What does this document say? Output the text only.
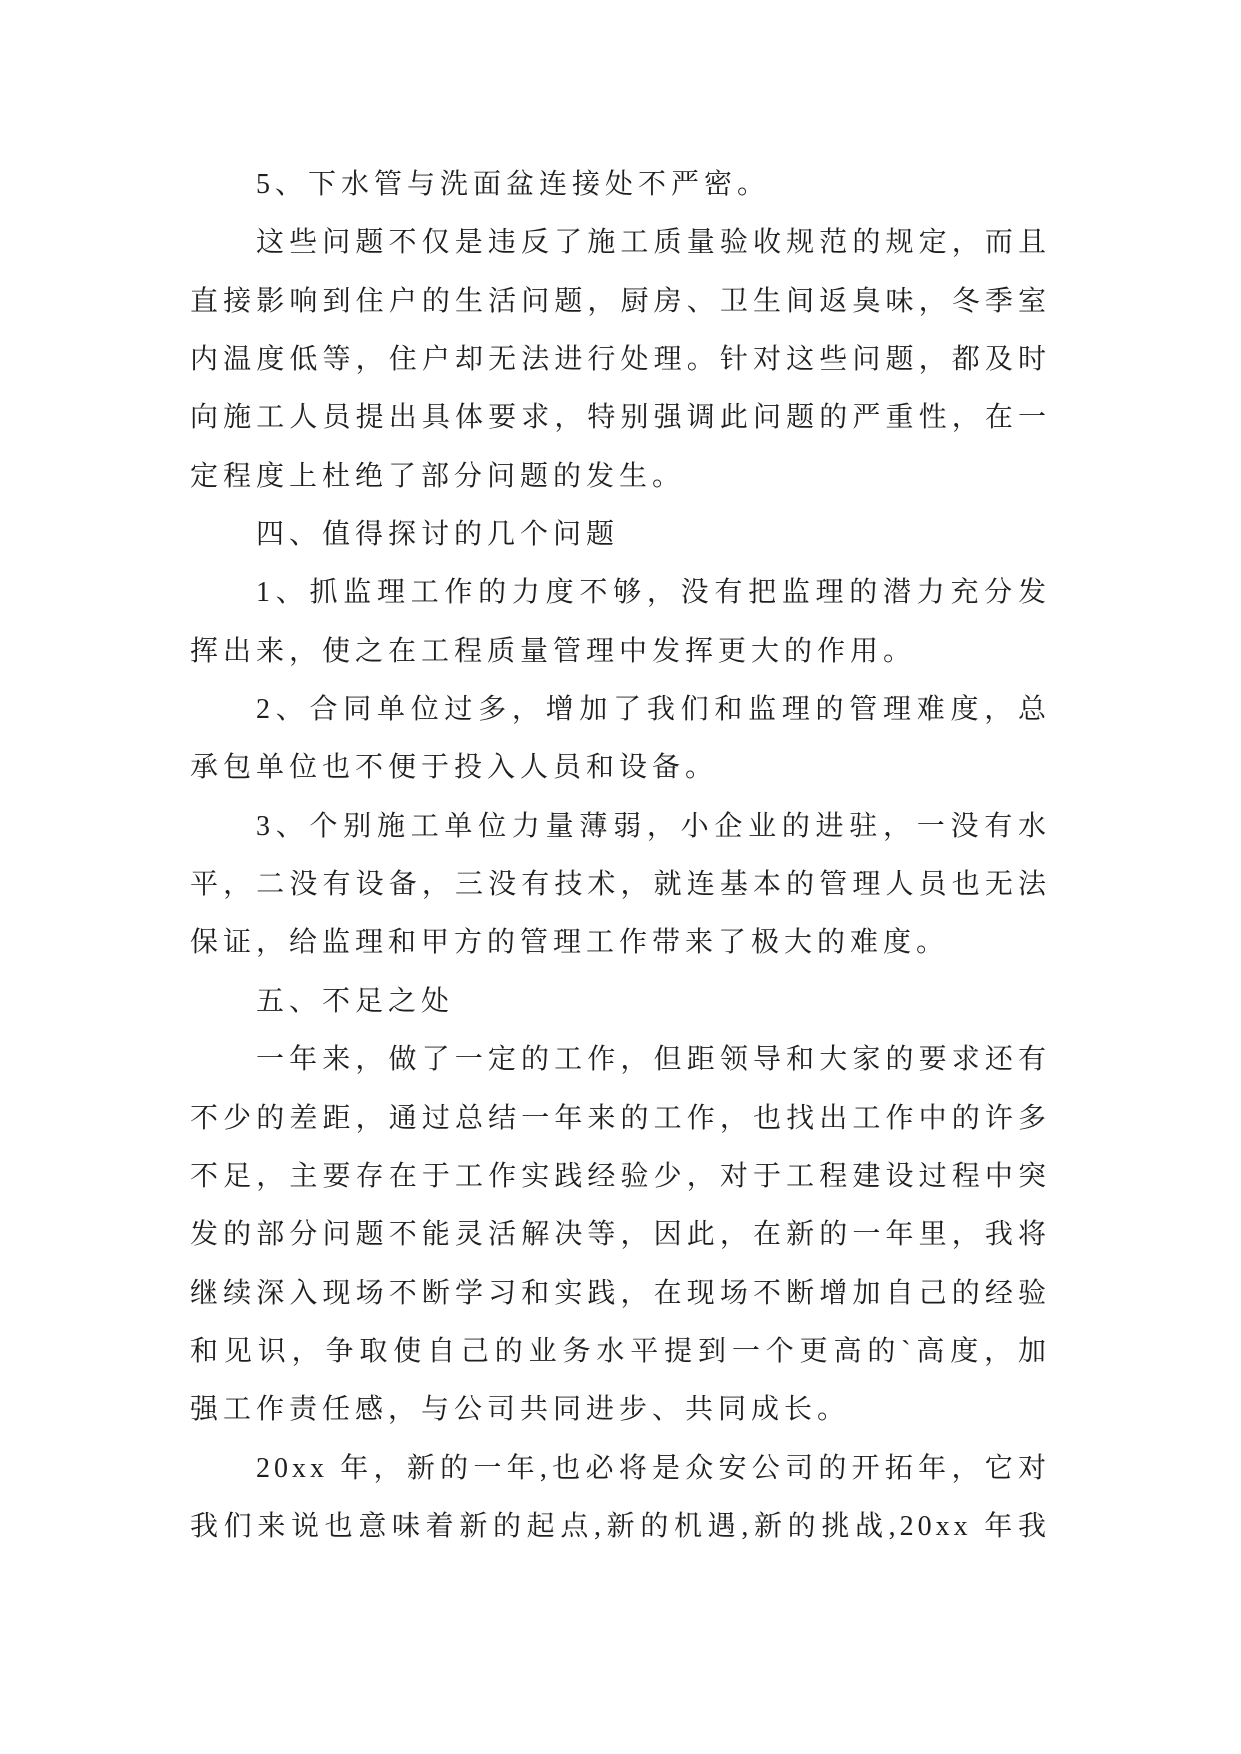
5、下水管与洗面盆连接处不严密。
这些问题不仅是违反了施工质量验收规范的规定，而且
直接影响到住户的生活问题，厨房、卫生间返臭味，冬季室
内温度低等，住户却无法进行处理。针对这些问题，都及时
向施工人员提出具体要求，特别强调此问题的严重性，在一
定程度上杜绝了部分问题的发生。
四、值得探讨的几个问题
1、抓监理工作的力度不够，没有把监理的潜力充分发
挥出来，使之在工程质量管理中发挥更大的作用。
2、合同单位过多，增加了我们和监理的管理难度，总
承包单位也不便于投入人员和设备。
3、个别施工单位力量薄弱，小企业的进驻，一没有水
平，二没有设备，三没有技术，就连基本的管理人员也无法
保证，给监理和甲方的管理工作带来了极大的难度。
五、不足之处
一年来，做了一定的工作，但距领导和大家的要求还有
不少的差距，通过总结一年来的工作，也找出工作中的许多
不足，主要存在于工作实践经验少，对于工程建设过程中突
发的部分问题不能灵活解决等，因此，在新的一年里，我将
继续深入现场不断学习和实践，在现场不断增加自己的经验
和见识，争取使自己的业务水平提到一个更高的`高度，加
强工作责任感，与公司共同进步、共同成长。
20xx 年，新的一年,也必将是众安公司的开拓年，它对
我们来说也意味着新的起点,新的机遇,新的挑战,20xx 年我
